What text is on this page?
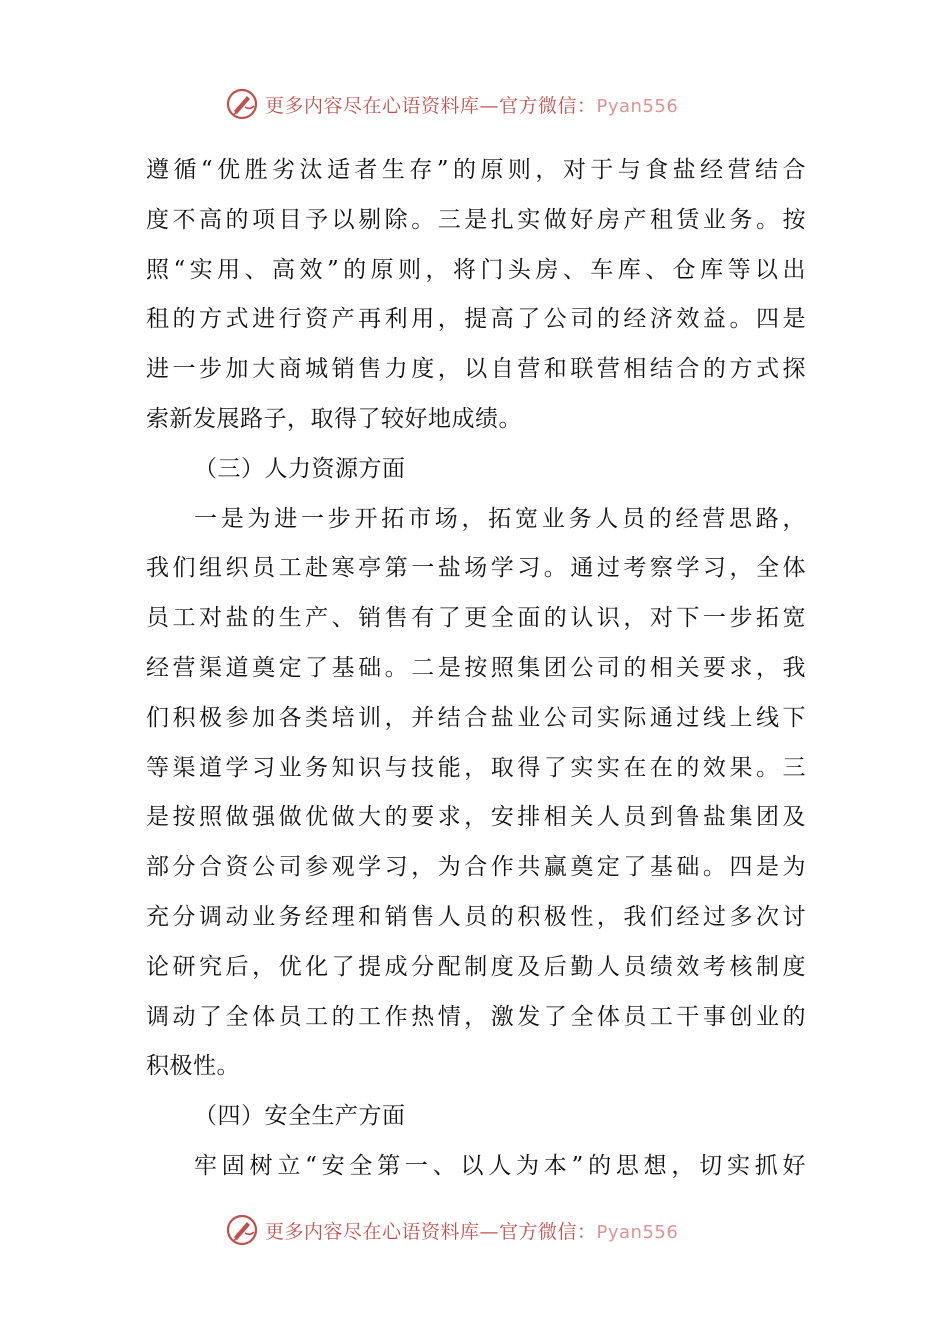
更多内容尽在心语资料库—官方微信：Pyan556
遵循“优胜劣汰适者生存”的原则，对于与食盐经营结合
度不高的项目予以剔除。三是扎实做好房产租赁业务。按
照“实用、高效”的原则，将门头房、车库、仓库等以出
租的方式进行资产再利用，提高了公司的经济效益。四是
进一步加大商城销售力度，以自营和联营相结合的方式探
索新发展路子，取得了较好地成绩。
（三）人力资源方面
一是为进一步开拓市场，拓宽业务人员的经营思路，
我们组织员工赴寒亭第一盐场学习。通过考察学习，全体
员工对盐的生产、销售有了更全面的认识，对下一步拓宽
经营渠道奠定了基础。二是按照集团公司的相关要求，我
们积极参加各类培训，并结合盐业公司实际通过线上线下
等渠道学习业务知识与技能，取得了实实在在的效果。三
是按照做强做优做大的要求，安排相关人员到鲁盐集团及
部分合资公司参观学习，为合作共赢奠定了基础。四是为
充分调动业务经理和销售人员的积极性，我们经过多次讨
论研究后，优化了提成分配制度及后勤人员绩效考核制度
调动了全体员工的工作热情，激发了全体员工干事创业的
积极性。
（四）安全生产方面
牢固树立“安全第一、以人为本”的思想，切实抓好
更多内容尽在心语资料库—官方微信：Pyan556
